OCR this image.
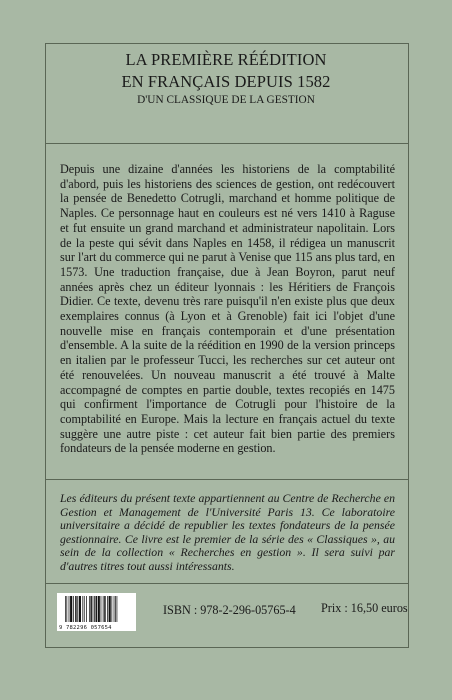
LA PREMIÈRE RÉÉDITION
EN FRANÇAIS DEPUIS 1582
D'UN CLASSIQUE DE LA GESTION

Depuis une dizaine d'années les historiens de la comptabilité d'abord, puis les historiens des sciences de gestion, ont redécouvert la pensée de Benedetto Cotrugli, marchand et homme politique de Naples. Ce personnage haut en couleurs est né vers 1410 à Raguse et fut ensuite un grand marchand et administrateur napolitain. Lors de la peste qui sévit dans Naples en 1458, il rédigea un manuscrit sur l'art du commerce qui ne parut à Venise que 115 ans plus tard, en 1573. Une traduction française, due à Jean Boyron, parut neuf années après chez un éditeur lyonnais : les Héritiers de François Didier. Ce texte, devenu très rare puisqu'il n'en existe plus que deux exemplaires connus (à Lyon et à Grenoble) fait ici l'objet d'une nouvelle mise en français contemporain et d'une présentation d'ensemble. A la suite de la réédition en 1990 de la version princeps en italien par le professeur Tucci, les recherches sur cet auteur ont été renouvelées. Un nouveau manuscrit a été trouvé à Malte accompagné de comptes en partie double, textes recopiés en 1475 qui confirment l'importance de Cotrugli pour l'histoire de la comptabilité en Europe. Mais la lecture en français actuel du texte suggère une autre piste : cet auteur fait bien partie des premiers fondateurs de la pensée moderne en gestion.

Les éditeurs du présent texte appartiennent au Centre de Recherche en Gestion et Management de l'Université Paris 13. Ce laboratoire universitaire a décidé de republier les textes fondateurs de la pensée gestionnaire. Ce livre est le premier de la série des « Classiques », au sein de la collection « Recherches en gestion ». Il sera suivi par d'autres titres tout aussi intéressants.

9 782296 057654
ISBN : 978-2-296-05765-4 Prix : 16,50 euros
